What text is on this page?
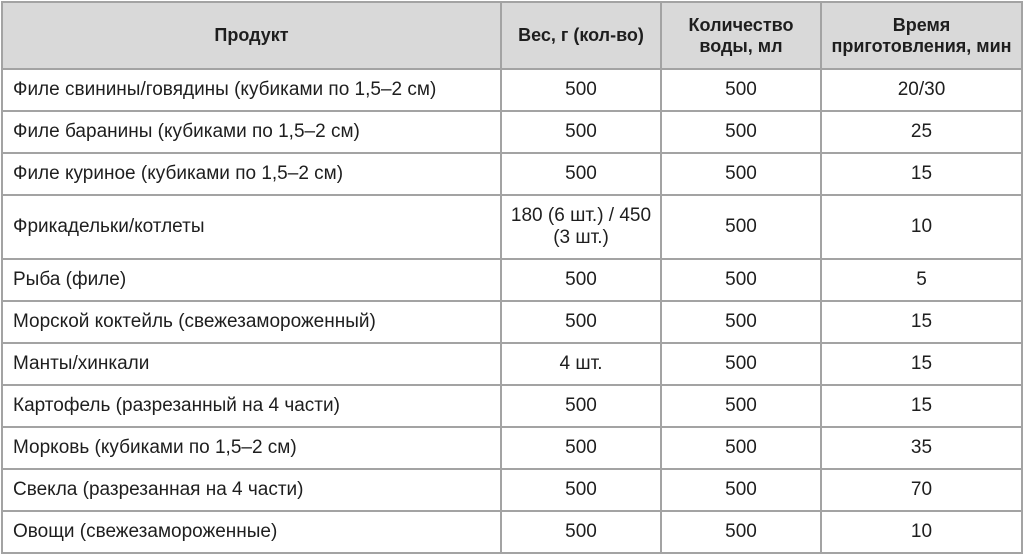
Продукт	Вес, г (кол-во)	Количество воды, мл	Время приготовления, мин
Филе свинины/говядины (кубиками по 1,5–2 см)	500	500	20/30
Филе баранины (кубиками по 1,5–2 см)	500	500	25
Филе куриное (кубиками по 1,5–2 см)	500	500	15
Фрикадельки/котлеты	180 (6 шт.) / 450 (3 шт.)	500	10
Рыба (филе)	500	500	5
Морской коктейль (свежезамороженный)	500	500	15
Манты/хинкали	4 шт.	500	15
Картофель (разрезанный на 4 части)	500	500	15
Морковь (кубиками по 1,5–2 см)	500	500	35
Свекла (разрезанная на 4 части)	500	500	70
Овощи (свежезамороженные)	500	500	10
